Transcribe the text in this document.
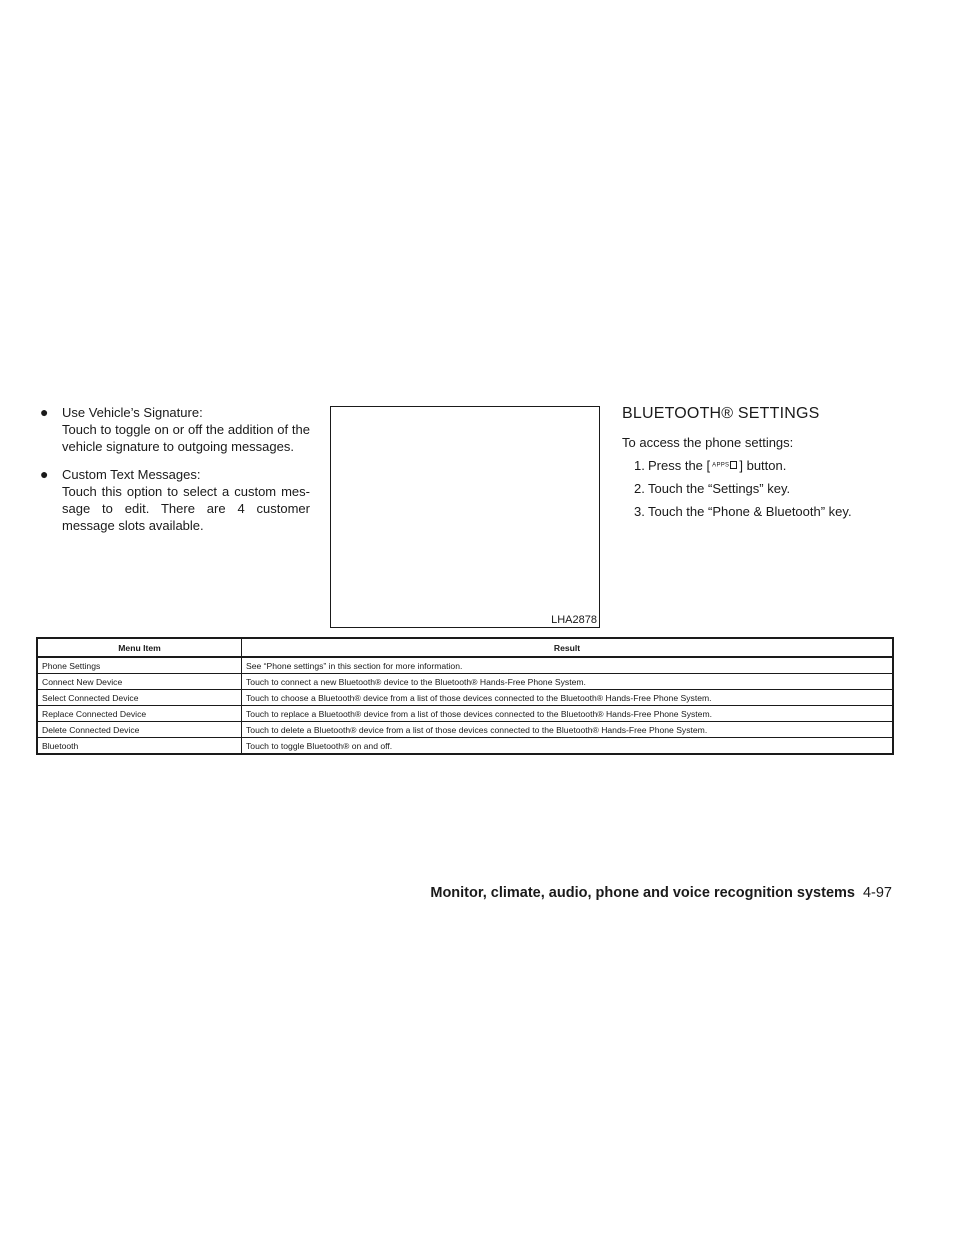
● Use Vehicle’s Signature:
Touch to toggle on or off the addition of the vehicle signature to outgoing messages.
● Custom Text Messages:
Touch this option to select a custom mes- sage to edit. There are 4 customer message slots available.
LHA2878
BLUETOOTH® SETTINGS

To access the phone settings:

1. Press the [ APPS ] button.
2. Touch the “Settings” key.
3. Touch the “Phone & Bluetooth” key.
Menu Item	Result
Phone Settings	See “Phone settings” in this section for more information.
Connect New Device	Touch to connect a new Bluetooth® device to the Bluetooth® Hands-Free Phone System.
Select Connected Device	Touch to choose a Bluetooth® device from a list of those devices connected to the Bluetooth® Hands-Free Phone System.
Replace Connected Device	Touch to replace a Bluetooth® device from a list of those devices connected to the Bluetooth® Hands-Free Phone System.
Delete Connected Device	Touch to delete a Bluetooth® device from a list of those devices connected to the Bluetooth® Hands-Free Phone System.
Bluetooth	Touch to toggle Bluetooth® on and off.
Monitor, climate, audio, phone and voice recognition systems 4-97
